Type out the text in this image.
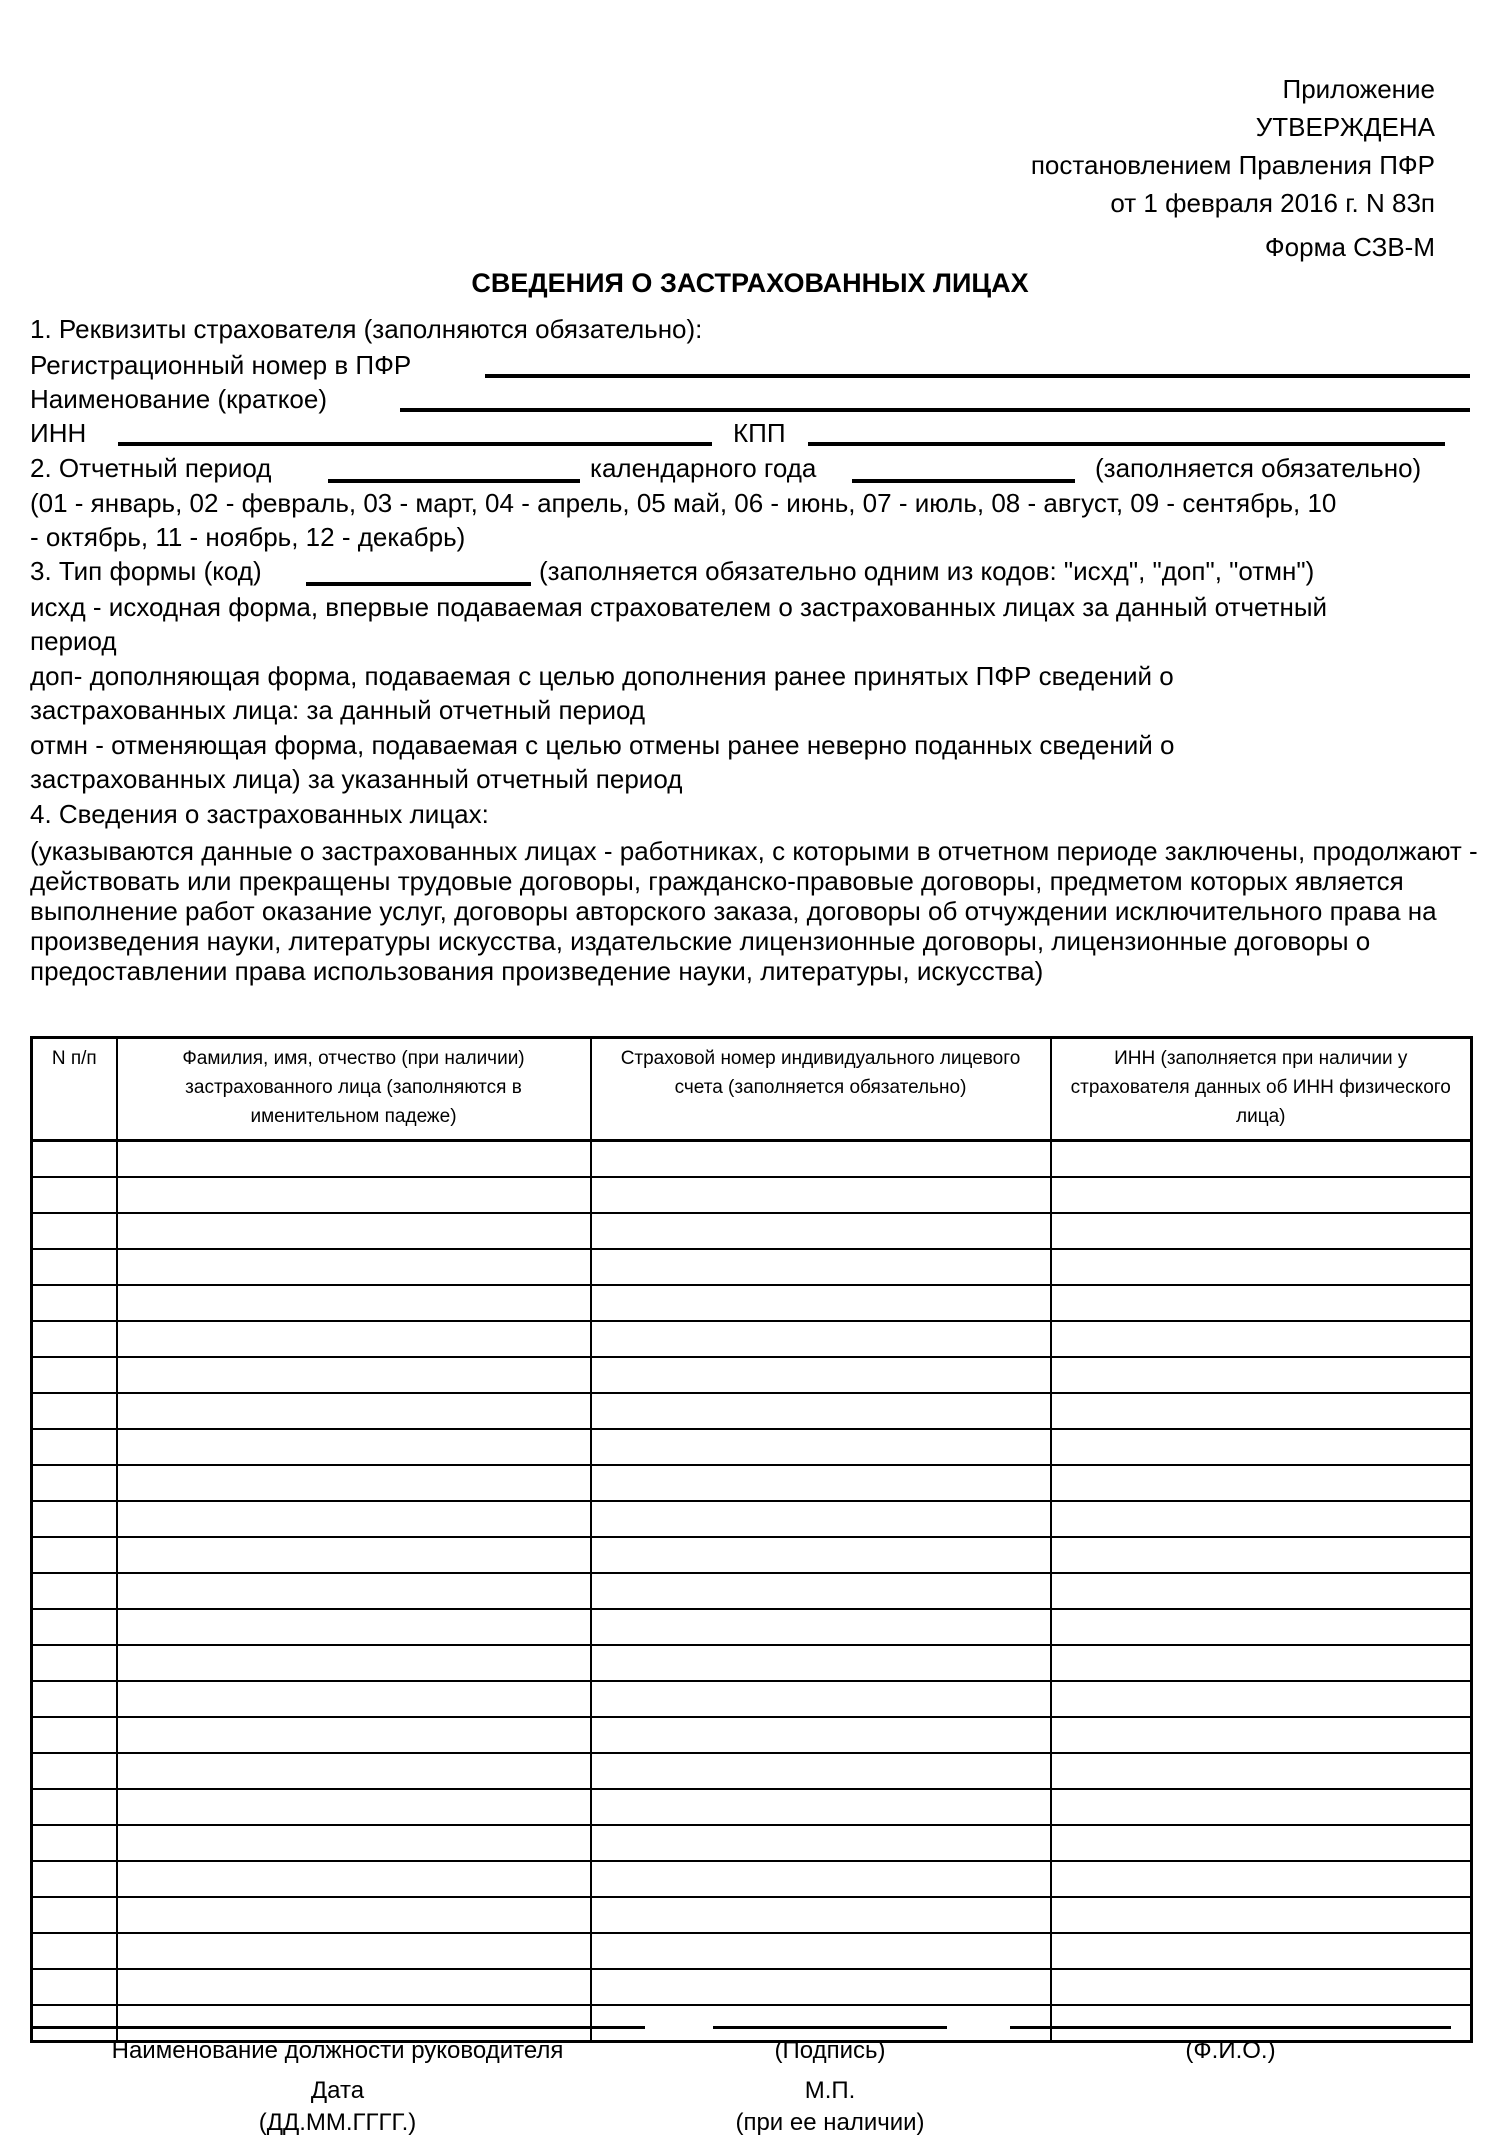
Приложение
УТВЕРЖДЕНА
постановлением Правления ПФР
от 1 февраля 2016 г. N 83п
Форма СЗВ-М
СВЕДЕНИЯ О ЗАСТРАХОВАННЫХ ЛИЦАХ
1. Реквизиты страхователя (заполняются обязательно):
Регистрационный номер в ПФР
Наименование (краткое)
ИНН	КПП
2. Отчетный период	календарного года	(заполняется обязательно)
(01 - январь, 02 - февраль, 03 - март, 04 - апрель, 05 май, 06 - июнь, 07 - июль, 08 - август, 09 - сентябрь, 10
- октябрь, 11 - ноябрь, 12 - декабрь)
3. Тип формы (код)	(заполняется обязательно одним из кодов: "исхд", "доп", "отмн")
исхд - исходная форма, впервые подаваемая страхователем о застрахованных лицах за данный отчетный
период
доп- дополняющая форма, подаваемая с целью дополнения ранее принятых ПФР сведений о
застрахованных лица: за данный отчетный период
отмн - отменяющая форма, подаваемая с целью отмены ранее неверно поданных сведений о
застрахованных лица) за указанный отчетный период
4. Сведения о застрахованных лицах:
(указываются данные о застрахованных лицах - работниках, с которыми в отчетном периоде заключены, продолжают -
действовать или прекращены трудовые договоры, гражданско-правовые договоры, предметом которых является
выполнение работ оказание услуг, договоры авторского заказа, договоры об отчуждении исключительного права на
произведения науки, литературы искусства, издательские лицензионные договоры, лицензионные договоры о
предоставлении права использования произведение науки, литературы, искусства)
N п/п	Фамилия, имя, отчество (при наличии) застрахованного лица (заполняются в именительном падеже)	Страховой номер индивидуального лицевого счета (заполняется обязательно)	ИНН (заполняется при наличии у страхователя данных об ИНН физического лица)

Наименование должности руководителя	(Подпись)	(Ф.И.О.)
Дата	М.П.
(ДД.ММ.ГГГГ.)	(при ее наличии)
